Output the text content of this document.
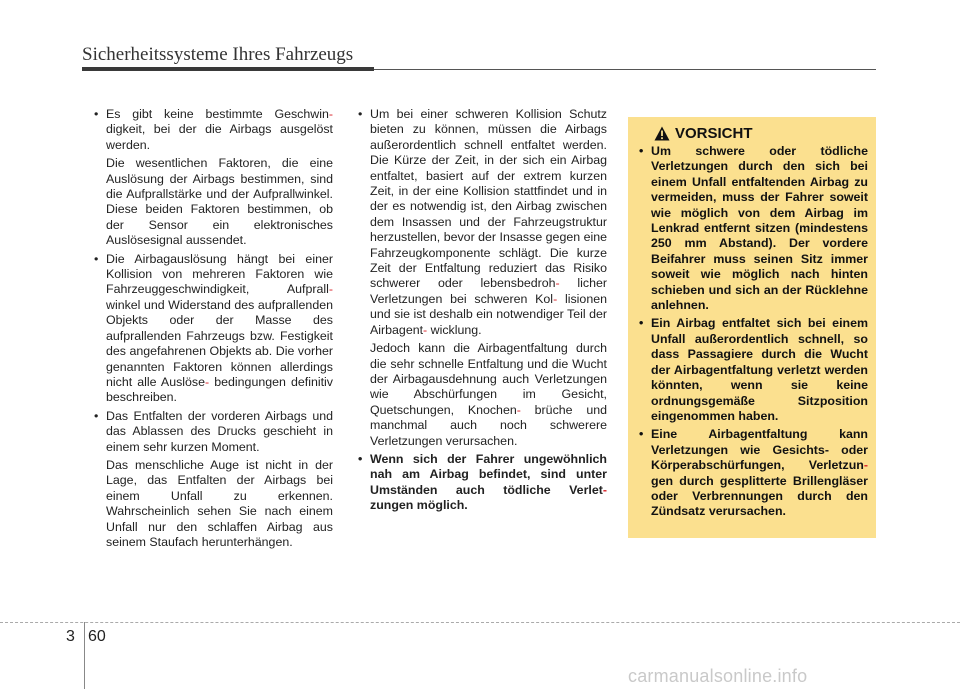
Sicherheitssysteme Ihres Fahrzeugs

• Es gibt keine bestimmte Geschwin- digkeit, bei der die Airbags ausgelöst werden.

Die wesentlichen Faktoren, die eine Auslösung der Airbags bestimmen, sind die Aufprallstärke und der Aufprallwinkel. Diese beiden Faktoren bestimmen, ob der Sensor ein elektronisches Auslösesignal aussendet.

• Die Airbagauslösung hängt bei einer Kollision von mehreren Faktoren wie Fahrzeuggeschwindigkeit, Aufprall- winkel und Widerstand des aufprallenden Objekts oder der Masse des aufprallenden Fahrzeugs bzw. Festigkeit des angefahrenen Objekts ab. Die vorher genannten Faktoren können allerdings nicht alle Auslöse- bedingungen definitiv beschreiben.

• Das Entfalten der vorderen Airbags und das Ablassen des Drucks geschieht in einem sehr kurzen Moment.

Das menschliche Auge ist nicht in der Lage, das Entfalten der Airbags bei einem Unfall zu erkennen. Wahrscheinlich sehen Sie nach einem Unfall nur den schlaffen Airbag aus seinem Staufach herunterhängen.

• Um bei einer schweren Kollision Schutz bieten zu können, müssen die Airbags außerordentlich schnell entfaltet werden. Die Kürze der Zeit, in der sich ein Airbag entfaltet, basiert auf der extrem kurzen Zeit, in der eine Kollision stattfindet und in der es notwendig ist, den Airbag zwischen dem Insassen und der Fahrzeugstruktur herzustellen, bevor der Insasse gegen eine Fahrzeugkomponente schlägt. Die kurze Zeit der Entfaltung reduziert das Risiko schwerer oder lebensbedroh- licher Verletzungen bei schweren Kol- lisionen und sie ist deshalb ein notwendiger Teil der Airbagent- wicklung.

Jedoch kann die Airbagentfaltung durch die sehr schnelle Entfaltung und die Wucht der Airbagausdehnung auch Verletzungen wie Abschürfungen im Gesicht, Quetschungen, Knochen- brüche und manchmal auch noch schwerere Verletzungen verursachen.

• Wenn sich der Fahrer ungewöhnlich nah am Airbag befindet, sind unter Umständen auch tödliche Verlet- zungen möglich.

VORSICHT

• Um schwere oder tödliche Verletzungen durch den sich bei einem Unfall entfaltenden Airbag zu vermeiden, muss der Fahrer soweit wie möglich von dem Airbag im Lenkrad entfernt sitzen (mindestens 250 mm Abstand). Der vordere Beifahrer muss seinen Sitz immer soweit wie möglich nach hinten schieben und sich an der Rücklehne anlehnen.

• Ein Airbag entfaltet sich bei einem Unfall außerordentlich schnell, so dass Passagiere durch die Wucht der Airbagentfaltung verletzt werden könnten, wenn sie keine ordnungsgemäße Sitzposition eingenommen haben.

• Eine Airbagentfaltung kann Verletzungen wie Gesichts- oder Körperabschürfungen, Verletzun- gen durch gesplitterte Brillengläser oder Verbrennungen durch den Zündsatz verursachen.

3 60
carmanualsonline.info
